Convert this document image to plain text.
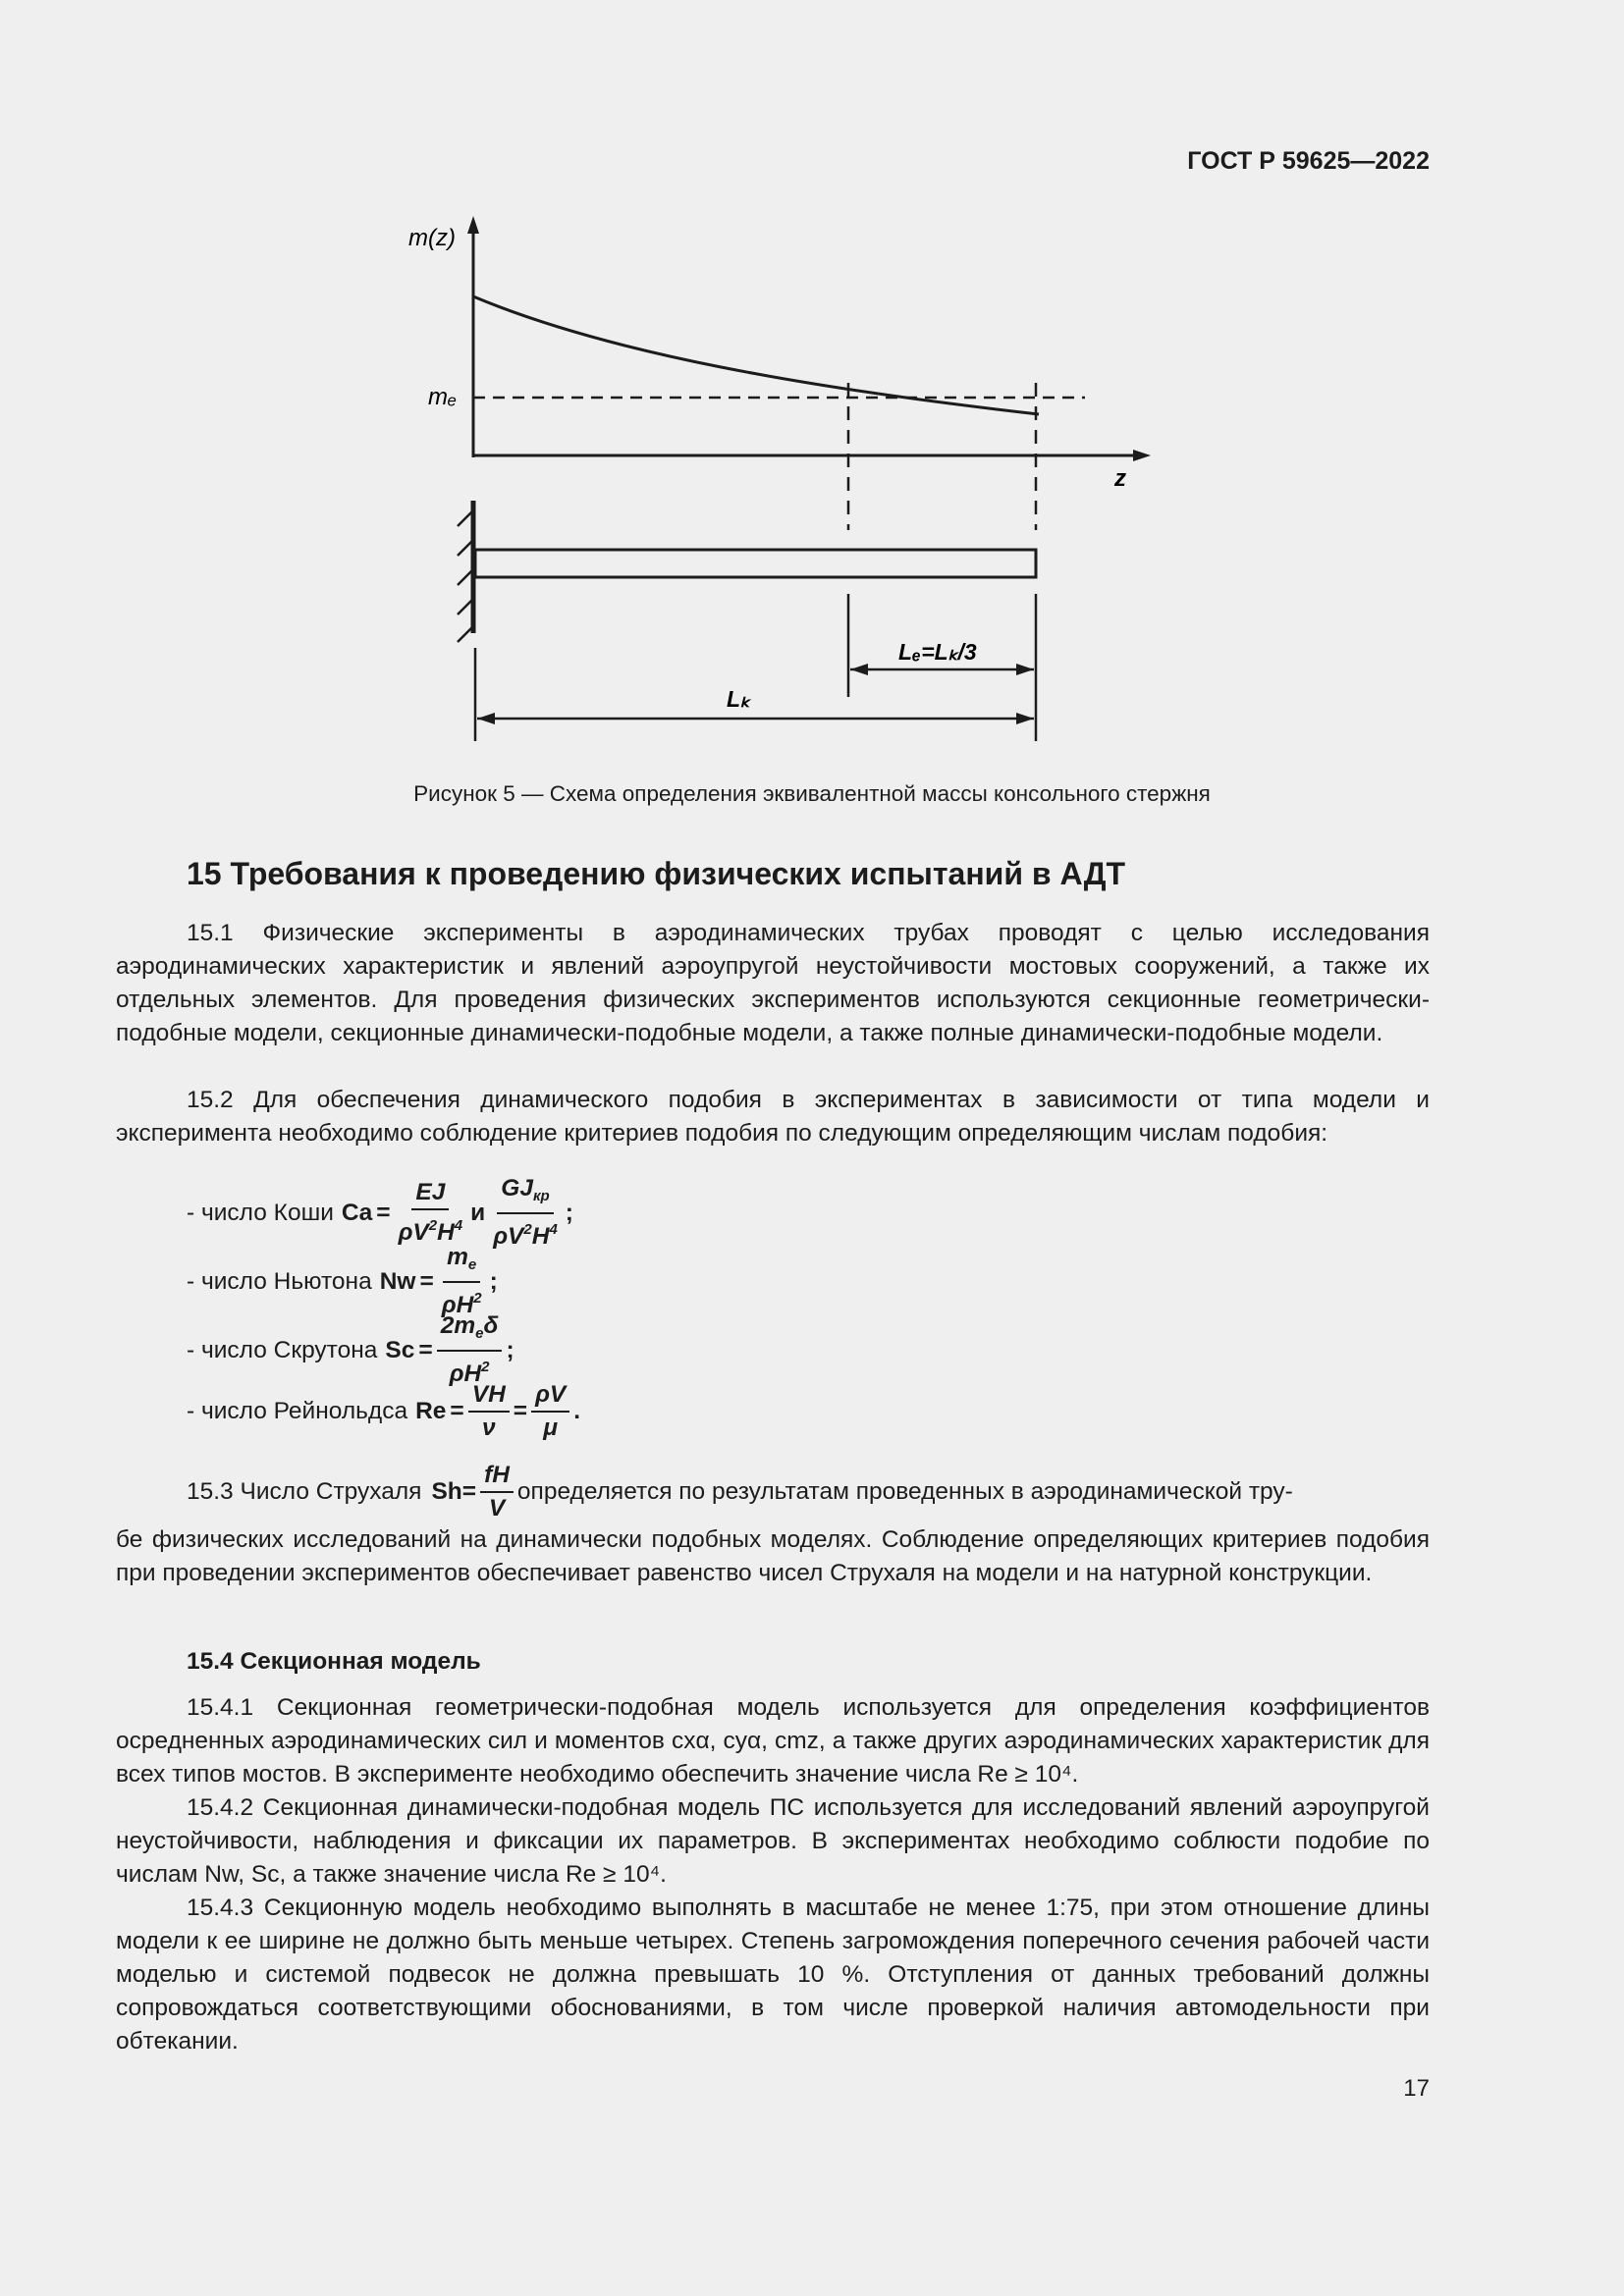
ГОСТ Р 59625—2022
m(z)
mₑ
z
Lₑ=Lₖ/3
Lₖ
Рисунок 5 — Схема определения эквивалентной массы консольного стержня
15 Требования к проведению физических испытаний в АДТ
15.1 Физические эксперименты в аэродинамических трубах проводят с целью исследования аэродинамических характеристик и явлений аэроупругой неустойчивости мостовых сооружений, а также их отдельных элементов. Для проведения физических экспериментов используются секционные геометрически-подобные модели, секционные динамически-подобные модели, а также полные динамически-подобные модели.
15.2 Для обеспечения динамического подобия в экспериментах в зависимости от типа модели и эксперимента необходимо соблюдение критериев подобия по следующим определяющим числам подобия:
- число Коши $Ca = \frac{EJ}{\rho V^2H^4}$ и $\frac{GJ_{кр}}{\rho V^2H^4}$ ;
- число Ньютона $Nw = \frac{m_e}{\rho H^2}$ ;
- число Скрутона $Sc = \frac{2m_e\delta}{\rho H^2}$ ;
- число Рейнольдса $Re = \frac{VH}{\nu} = \frac{\rho V}{\mu}$ .
15.3 Число Струхаля $Sh = \frac{fH}{V}$ определяется по результатам проведенных в аэродинамической тру-
бе физических исследований на динамически подобных моделях. Соблюдение определяющих критериев подобия при проведении экспериментов обеспечивает равенство чисел Струхаля на модели и на натурной конструкции.
15.4 Секционная модель
15.4.1 Секционная геометрически-подобная модель используется для определения коэффициентов осредненных аэродинамических сил и моментов cxα, cyα, cmz, а также других аэродинамических характеристик для всех типов мостов. В эксперименте необходимо обеспечить значение числа Re ≥ 10⁴.
15.4.2 Секционная динамически-подобная модель ПС используется для исследований явлений аэроупругой неустойчивости, наблюдения и фиксации их параметров. В экспериментах необходимо соблюсти подобие по числам Nw, Sc, а также значение числа Re ≥ 10⁴.
15.4.3 Секционную модель необходимо выполнять в масштабе не менее 1:75, при этом отношение длины модели к ее ширине не должно быть меньше четырех. Степень загромождения поперечного сечения рабочей части моделью и системой подвесок не должна превышать 10 %. Отступления от данных требований должны сопровождаться соответствующими обоснованиями, в том числе проверкой наличия автомодельности при обтекании.
17
